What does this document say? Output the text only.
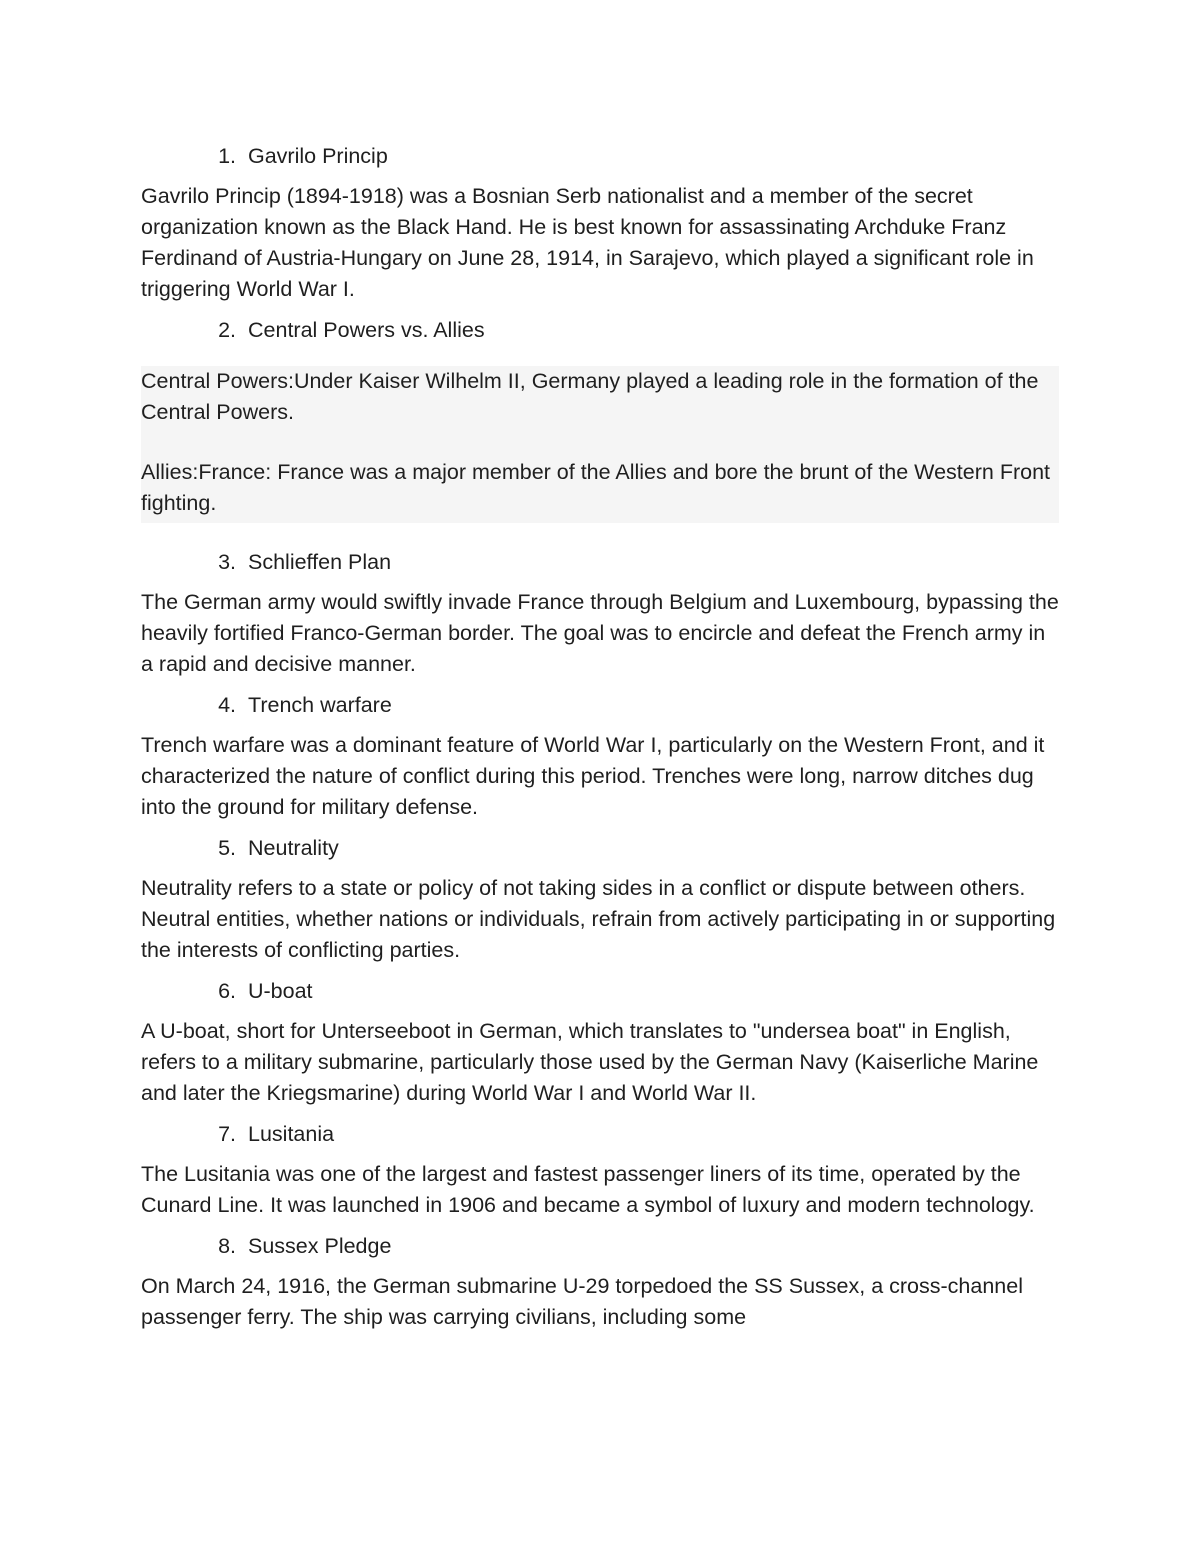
1. Gavrilo Princip

Gavrilo Princip (1894-1918) was a Bosnian Serb nationalist and a member of the secret organization known as the Black Hand. He is best known for assassinating Archduke Franz Ferdinand of Austria-Hungary on June 28, 1914, in Sarajevo, which played a significant role in triggering World War I.

2. Central Powers vs. Allies

Central Powers:Under Kaiser Wilhelm II, Germany played a leading role in the formation of the Central Powers.

Allies:France: France was a major member of the Allies and bore the brunt of the Western Front fighting.

3. Schlieffen Plan

The German army would swiftly invade France through Belgium and Luxembourg, bypassing the heavily fortified Franco-German border. The goal was to encircle and defeat the French army in a rapid and decisive manner.

4. Trench warfare

Trench warfare was a dominant feature of World War I, particularly on the Western Front, and it characterized the nature of conflict during this period. Trenches were long, narrow ditches dug into the ground for military defense.

5. Neutrality

Neutrality refers to a state or policy of not taking sides in a conflict or dispute between others. Neutral entities, whether nations or individuals, refrain from actively participating in or supporting the interests of conflicting parties.

6. U-boat

A U-boat, short for Unterseeboot in German, which translates to "undersea boat" in English, refers to a military submarine, particularly those used by the German Navy (Kaiserliche Marine and later the Kriegsmarine) during World War I and World War II.

7. Lusitania

The Lusitania was one of the largest and fastest passenger liners of its time, operated by the Cunard Line. It was launched in 1906 and became a symbol of luxury and modern technology.

8. Sussex Pledge

On March 24, 1916, the German submarine U-29 torpedoed the SS Sussex, a cross-channel passenger ferry. The ship was carrying civilians, including some
